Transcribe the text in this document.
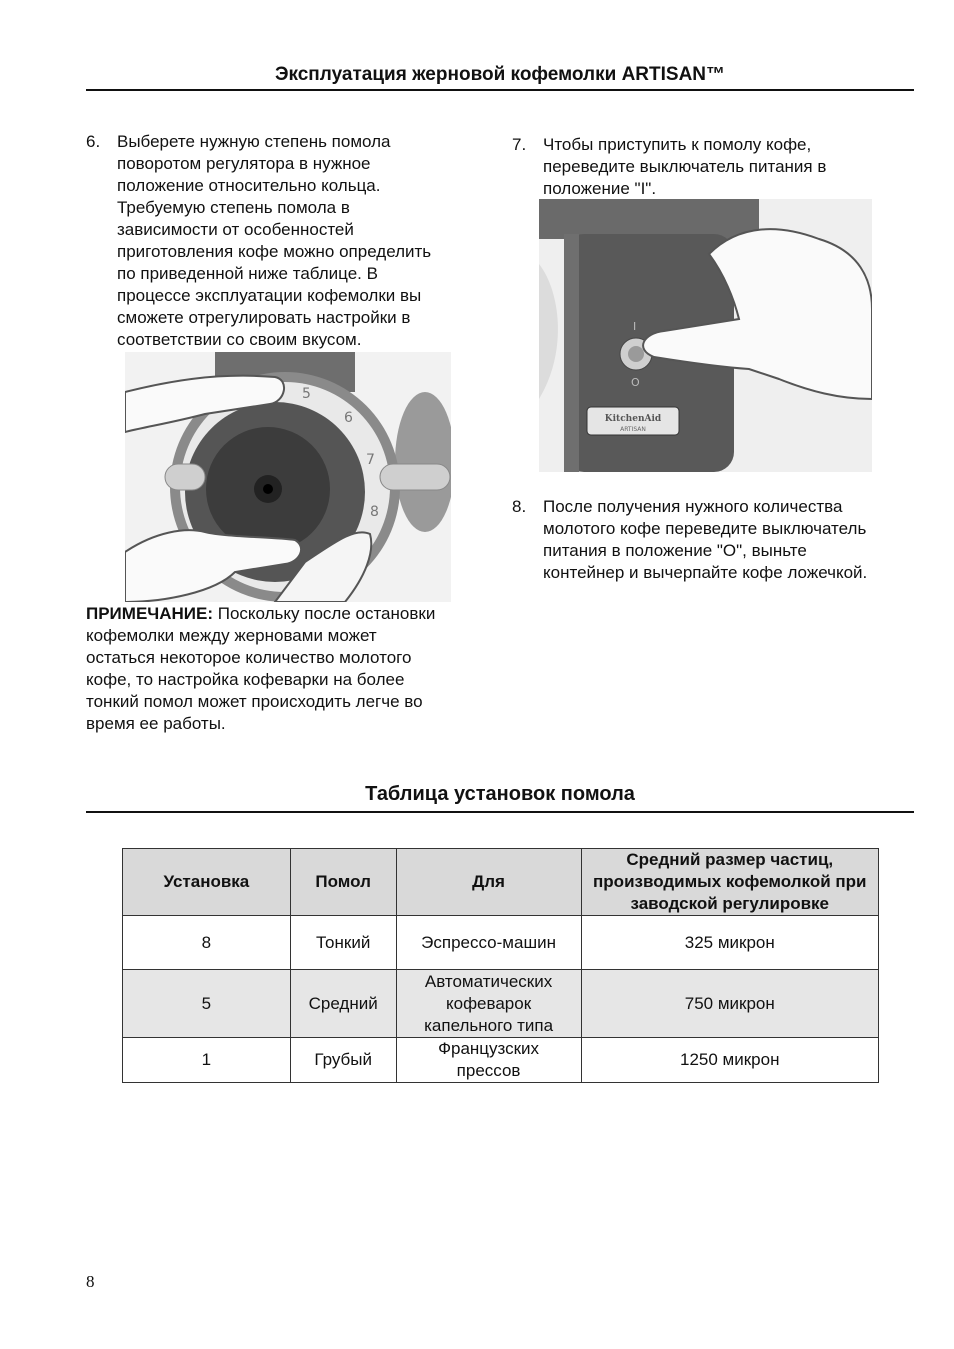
Эксплуатация жерновой кофемолки ARTISAN™
6. Выберете нужную степень помола
поворотом регулятора в нужное
положение относительно кольца.
Требуемую степень помола в
зависимости от особенностей
приготовления кофе можно определить
по приведенной ниже таблице. В
процессе эксплуатации кофемолки вы
сможете отрегулировать настройки в
соответствии со своим вкусом.
5
6
7
8
ПРИМЕЧАНИЕ: Поскольку после остановки
кофемолки между жерновами может
остаться некоторое количество молотого
кофе, то настройка кофеварки на более
тонкий помол может происходить легче во
время ее работы.
7. Чтобы приступить к помолу кофе,
переведите выключатель питания в
положение "I".
I
O
KitchenAid
ARTISAN
8. После получения нужного количества
молотого кофе переведите выключатель
питания в положение "О", выньте
контейнер и вычерпайте кофе ложечкой.
Таблица установок помола
Установка	Помол	Для	Средний размер частиц, производимых кофемолкой при заводской регулировке
8	Тонкий	Эспрессо-машин	325 микрон
5	Средний	Автоматических кофеварок капельного типа	750 микрон
1	Грубый	Французских прессов	1250 микрон
8
